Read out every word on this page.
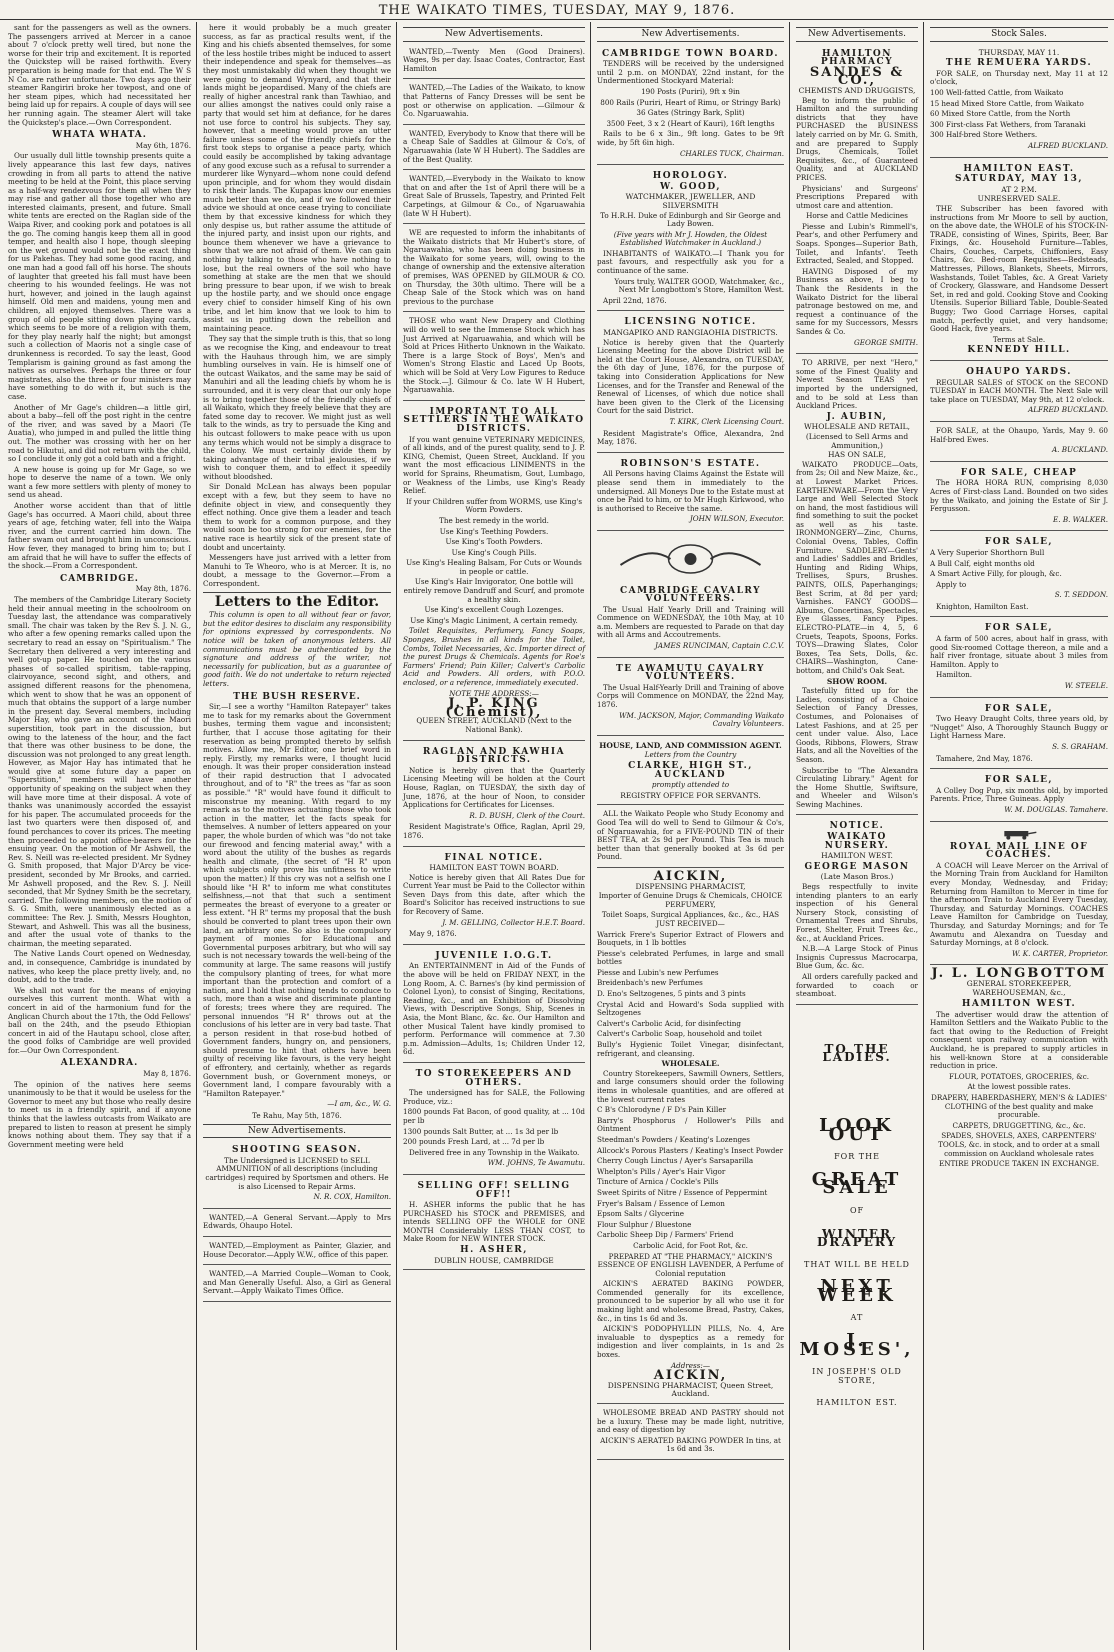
THE WAIKATO TIMES, TUESDAY, MAY 9, 1876.

sant for the passengers as well as the owners. The passengers arrived at Mercer in a canoe about 7 o'clock pretty well tired, but none the worse for their trip and excitement. It is reported the Quickstep will be raised forthwith. Every preparation is being made for that end. The W S N Co. are rather unfortunate. Two days ago their steamer Rangiriri broke her towpost, and one of her steam pipes, which had necessitated her being laid up for repairs. A couple of days will see her running again. The steamer Alert will take the Quickstep's place.—Own Correspondent.

WHATA WHATA.

May 6th, 1876.

Our usually dull little township presents quite a lively appearance this last few days, natives crowding in from all parts to attend the native meeting to be held at the Point, this place serving as a half-way rendezvous for them all when they may rise and gather all those together who are interested claimants, present, and future. Small white tents are erected on the Raglan side of the Waipa River, and cooking pork and potatoes is all the go. The coming hangis keep them all in good temper, and health also I hope, though sleeping on the wet ground would not be the exact thing for us Pakehas. They had some good racing, and one man had a good fall off his horse. The shouts of laughter that greeted his fall must have been cheering to his wounded feelings. He was not hurt, however, and joined in the laugh against himself. Old men and maidens, young men and children, all enjoyed themselves. There was a group of old people sitting down playing cards, which seems to be more of a religion with them, for they play nearly half the night; but amongst such a collection of Maoris not a single case of drunkenness is recorded. To say the least, Good Templarism is gaining ground as fast among the natives as ourselves. Perhaps the three or four magistrates, also the three or four ministers may have something to do with it, but such is the case.

Another of Mr Gage's children—a little girl, about a baby—fell off the post right in the centre of the river, and was saved by a Maori (Te Auatia), who jumped in and pulled the little thing out. The mother was crossing with her on her road to Hikutui, and did not return with the child, so I conclude it only got a cold bath and a fright.

A new house is going up for Mr Gage, so we hope to deserve the name of a town. We only want a few more settlers with plenty of money to send us ahead.

Another worse accident than that of little Gage's has occurred. A Maori child, about three years of age, fetching water, fell into the Waipa river, and the current carried him down. The father swam out and brought him in unconscious. How fever, they managed to bring him to; but I am afraid that he will have to suffer the effects of the shock.—From a Correspondent.

CAMBRIDGE.

May 8th, 1876.

The members of the Cambridge Literary Society held their annual meeting in the schoolroom on Tuesday last, the attendance was comparatively small. The chair was taken by the Rev S. J. N. G., who after a few opening remarks called upon the secretary to read an essay on "Spiritualism." The Secretary then delivered a very interesting and well got-up paper. He touched on the various phases of so-called spiritism, table-rapping, clairvoyance, second sight, and others, and assigned different reasons for the phenomena, which went to show that he was an opponent of much that obtains the support of a large number in the present day. Several members, including Major Hay, who gave an account of the Maori superstition, took part in the discussion, but owing to the lateness of the hour, and the fact that there was other business to be done, the discussion was not prolonged to any great length. However, as Major Hay has intimated that he would give at some future day a paper on "Superstition," members will have another opportunity of speaking on the subject when they will have more time at their disposal. A vote of thanks was unanimously accorded the essayist for his paper. The accumulated proceeds for the last two quarters were then disposed of, and found perchances to cover its prices. The meeting then proceeded to appoint office-bearers for the ensuing year. On the motion of Mr Ashwell, the Rev. S. Neill was re-elected president. Mr Sydney G. Smith proposed, that Major D'Arcy be vice-president, seconded by Mr Brooks, and carried. Mr Ashwell proposed, and the Rev. S. J. Neill seconded, that Mr Sydney Smith be the secretary, carried. The following members, on the motion of S. G. Smith, were unanimously elected as a committee: The Rev. J. Smith, Messrs Houghton, Stewart, and Ashwell. This was all the business, and after the usual vote of thanks to the chairman, the meeting separated.

The Native Lands Court opened on Wednesday, and, in consequence, Cambridge is inundated by natives, who keep the place pretty lively, and, no doubt, add to the trade.

We shall not want for the means of enjoying ourselves this current month. What with a concert in aid of the harmonium fund for the Anglican Church about the 17th, the Odd Fellows' ball on the 24th, and the pseudo Ethiopian concert in aid of the Hautapu school, close after, the good folks of Cambridge are well provided for.—Our Own Correspondent.

ALEXANDRA.

May 8, 1876.

The opinion of the natives here seems unanimously to be that it would be useless for the Governor to meet any but those who really desire to meet us in a friendly spirit, and if anyone thinks that the lawless outcasts from Waikato are prepared to listen to reason at present he simply knows nothing about them. They say that if a Government meeting were held

here it would probably be a much greater success, as far as practical results went, if the King and his chiefs absented themselves, for some of the less hostile tribes might be induced to assert their independence and speak for themselves—as they most unmistakably did when they thought we were going to demand Wynyard, and that their lands might be jeopardised. Many of the chiefs are really of higher ancestral rank than Tawhiao, and our allies amongst the natives could only raise a party that would set him at defiance, for he dares not use force to control his subjects. They say, however, that a meeting would prove an utter failure unless some of the friendly chiefs for the first took steps to organise a peace party, which could easily be accomplished by taking advantage of any good excuse such as a refusal to surrender a murderer like Wynyard—whom none could defend upon principle, and for whom they would disdain to risk their lands. The Kupapas know our enemies much better than we do, and if we followed their advice we should at once cease trying to conciliate them by that excessive kindness for which they only despise us, but rather assume the attitude of the injured party, and insist upon our rights, and bounce them whenever we have a grievance to show that we are not afraid of them. We can gain nothing by talking to those who have nothing to lose, but the real owners of the soil who have something at stake are the men that we should bring pressure to bear upon, if we wish to break up the hostile party, and we should once engage every chief to consider himself King of his own tribe, and let him know that we look to him to assist us in putting down the rebellion and maintaining peace.

They say that the simple truth is this, that so long as we recognise the King, and endeavour to treat with the Hauhaus through him, we are simply humbling ourselves in vain. He is himself one of the outcast Waikatos, and the same may be said of Manuhiri and all the leading chiefs by whom he is surrounded, and it is very clear that our only hope is to bring together those of the friendly chiefs of all Waikato, which they freely believe that they are fated some day to recover. We might just as well talk to the winds, as try to persuade the King and his outcast followers to make peace with us upon any terms which would not be simply a disgrace to the Colony. We must certainly divide them by taking advantage of their tribal jealousies, if we wish to conquer them, and to effect it speedily without bloodshed.

Sir Donald McLean has always been popular except with a few, but they seem to have no definite object in view, and consequently they effect nothing. Once give them a leader and teach them to work for a common purpose, and they would soon be too strong for our enemies, for the native race is heartily sick of the present state of doubt and uncertainty.

Messengers have just arrived with a letter from Manuhi to Te Wheoro, who is at Mercer. It is, no doubt, a message to the Governor.—From a Correspondent.

Letters to the Editor.

This column is open to all without fear or favor, but the editor desires to disclaim any responsibility for opinions expressed by correspondents. No notice will be taken of anonymous letters. All communications must be authenticated by the signature and address of the writer, not necessarily for publication, but as a guarantee of good faith. We do not undertake to return rejected letters.

THE BUSH RESERVE.

Sir,—I see a worthy "Hamilton Ratepayer" takes me to task for my remarks about the Government bushes, terming them vague and inconsistent; further, that I accuse those agitating for their reservation as being prompted thereto by selfish motives. Allow me, Mr Editor, one brief word in reply. Firstly, my remarks were, I thought lucid enough. It was their proper consideration instead of their rapid destruction that I advocated throughout, and of to "R" the trees as "far as soon as possible." "R" would have found it difficult to misconstrue my meaning. With regard to my remark as to the motives actuating those who took action in the matter, let the facts speak for themselves. A number of letters appeared on your paper, the whole burden of which was "do not take our firewood and fencing material away," with a word about the utility of the bushes as regards health and climate, (the secret of "H R" upon which subjects only prove his unfitness to write upon the matter.) If this cry was not a selfish one I should like "H R" to inform me what constitutes selfishness,—not that that such a sentiment permeates the breast of everyone to a greater or less extent. "H R" terms my proposal that the bush should be converted to plant trees upon their own land, an arbitrary one. So also is the compulsory payment of monies for Educational and Governmental purposes arbitrary, but who will say such is not necessary towards the well-being of the community at large. The same reasons will justify the compulsory planting of trees, for what more important than the protection and comfort of a nation, and I hold that nothing tends to conduce to such, more than a wise and discriminate planting of forests; trees where they are required. The personal innuendos "H R" throws out at the conclusions of his letter are in very bad taste. That a person resident in that rose-bud hotbed of Government fanders, hungry on, and pensioners, should presume to hint that others have been guilty of receiving like favours, is the very height of effrontery, and certainly, whether as regards Government bush, or Government moneys, or Government land, I compare favourably with a "Hamilton Ratepayer."

—I am, &c., W. G.

Te Rahu, May 5th, 1876.

New Advertisements.
SHOOTING SEASON.

The Undersigned is LICENSED to SELL AMMUNITION of all descriptions (including cartridges) required by Sportsmen and others. He is also Licensed to Repair Arms.

N. R. COX, Hamilton.

WANTED,—A General Servant.—Apply to Mrs Edwards, Ohaupo Hotel.

WANTED,—Employment as Painter, Glazier, and House Decorator.—Apply W.W., office of this paper.

WANTED,—A Married Couple—Woman to Cook, and Man Generally Useful. Also, a Girl as General Servant.—Apply Waikato Times Office.

New Advertisements.

WANTED,—Twenty Men (Good Drainers). Wages, 9s per day. Isaac Coates, Contractor, East Hamilton

WANTED,—The Ladies of the Waikato, to know that Patterns of Fancy Dresses will be sent be post or otherwise on application. —Gilmour & Co. Ngaruawahia.

WANTED, Everybody to Know that there will be a Cheap Sale of Saddles at Gilmour & Co's, of Ngaruawahia (late W H Hubert). The Saddles are of the Best Quality.

WANTED,—Everybody in the Waikato to know that on and after the 1st of April there will be a Great Sale of Brussels, Tapestry, and Printed Felt Carpetings, at Gilmour & Co., of Ngaruawahia (late W H Hubert).

WE are requested to inform the inhabitants of the Waikato districts that Mr Hubert's store, of Ngaruawahia, who has been doing business in the Waikato for some years, will, owing to the change of ownership and the extensive alteration of premises, WAS OPENED by GILMOUR & CO. on Thursday, the 30th ultimo. There will be a Cheap Sale of the Stock which was on hand previous to the purchase

THOSE who want New Drapery and Clothing will do well to see the Immense Stock which has Just Arrived at Ngaruawahia, and which will be Sold at Prices Hitherto Unknown in the Waikato. There is a large Stock of Boys', Men's and Women's Strong Elastic and Laced Up Boots, which will be Sold at Very Low Figures to Reduce the Stock.—J. Gilmour & Co. late W H Hubert, Ngaruawahia.

IMPORTANT TO ALL SETTLERS IN THE WAIKATO DISTRICTS.

If you want genuine VETERINARY MEDICINES, of all kinds, and of the purest quality, send to J. P. KING, Chemist, Queen Street, Auckland. If you want the most efficacious LINIMENTS in the world for Sprains, Rheumatism, Gout, Lumbago, or Weakness of the Limbs, use King's Ready Relief.

If your Children suffer from WORMS, use King's Worm Powders.

The best remedy in the world.

Use King's Teething Powders.

Use King's Tooth Powders.

Use King's Cough Pills.

Use King's Healing Balsam, For Cuts or Wounds in people or cattle.

Use King's Hair Invigorator, One bottle will entirely remove Dandruff and Scurf, and promote a healthy skin.

Use King's excellent Cough Lozenges.

Use King's Magic Liniment, A certain remedy.

Toilet Requisites, Perfumery, Fancy Soaps, Sponges, Brushes in all kinds for the Toilet, Combs, Toilet Necessaries, &c. Importer direct of the purest Drugs & Chemicals. Agents for Roe's Farmers' Friend; Pain Killer; Calvert's Carbolic Acid and Powders. All orders, with P.O.O. enclosed, or a reference, immediately executed.

NOTE THE ADDRESS:—

J. P. KING (Chemist),

QUEEN STREET, AUCKLAND (Next to the National Bank).

RAGLAN AND KAWHIA DISTRICTS.

Notice is hereby given that the Quarterly Licensing Meeting will be holden at the Court House, Raglan, on TUESDAY, the sixth day of June, 1876, at the hour of Noon, to consider Applications for Certificates for Licenses.

R. D. BUSH, Clerk of the Court.

Resident Magistrate's Office, Raglan, April 29, 1876.

FINAL NOTICE.
HAMILTON EAST TOWN BOARD.

Notice is hereby given that All Rates Due for Current Year must be Paid to the Collector within Seven Days from this date, after which the Board's Solicitor has received instructions to sue for Recovery of Same.

J. M. GELLING, Collector H.E.T. Board.

May 9, 1876.

JUVENILE I.O.G.T.

An ENTERTAINMENT in Aid of the Funds of the above will be held on FRIDAY NEXT, in the Long Room, A. C. Barnes's (by kind permission of Colonel Lyon), to consist of Singing, Recitations, Reading, &c., and an Exhibition of Dissolving Views, with Descriptive Songs, Ship, Scenes in Asia, the Mont Blanc, &c. &c. Our Hamilton and other Musical Talent have kindly promised to perform. Performance will commence at 7.30 p.m. Admission—Adults, 1s; Children Under 12, 6d.

TO STOREKEEPERS AND OTHERS.

The undersigned has for SALE, the Following Produce, viz.:

1800 pounds Fat Bacon, of good quality, at ... 10d per lb

1300 pounds Salt Butter, at ... 1s 3d per lb

200 pounds Fresh Lard, at ... 7d per lb

Delivered free in any Township in the Waikato.

WM. JOHNS, Te Awamutu.

SELLING OFF! SELLING OFF!!

H. ASHER informs the public that he has PURCHASED his STOCK and PREMISES, and intends SELLING OFF the WHOLE for ONE MONTH Considerably LESS THAN COST, to Make Room for NEW WINTER STOCK.

H. ASHER,
DUBLIN HOUSE, CAMBRIDGE
New Advertisements.
CAMBRIDGE TOWN BOARD.

TENDERS will be received by the undersigned until 2 p.m. on MONDAY, 22nd instant, for the Undermentioned Stockyard Material:

190 Posts (Puriri), 9ft x 9in

800 Rails (Puriri, Heart of Rimu, or Stringy Bark)

36 Gates (Stringy Bark, Split)

3500 Feet, 3 x 2 (Heart of Kauri), 16ft lengths

Rails to be 6 x 3in., 9ft long. Gates to be 9ft wide, by 5ft 6in high.

CHARLES TUCK, Chairman.

HOROLOGY.
W. GOOD,
WATCHMAKER, JEWELLER, AND SILVERSMITH

To H.R.H. Duke of Edinburgh and Sir George and Lady Bowen.

(Five years with Mr J. Howden, the Oldest Established Watchmaker in Auckland.)

INHABITANTS of WAIKATO.—I Thank you for past favours, and respectfully ask you for a continuance of the same.

Yours truly, WALTER GOOD, Watchmaker, &c., Next Mr Longbottom's Store, Hamilton West.

April 22nd, 1876.

LICENSING NOTICE.
MANGAPIKO AND RANGIAOHIA DISTRICTS.

Notice is hereby given that the Quarterly Licensing Meeting for the above District will be held at the Court House, Alexandra, on TUESDAY, the 6th day of June, 1876, for the purpose of taking into Consideration Applications for New Licenses, and for the Transfer and Renewal of the Renewal of Licenses, of which due notice shall have been given to the Clerk of the Licensing Court for the said District.

T. KIRK, Clerk Licensing Court.

Resident Magistrate's Office, Alexandra, 2nd May, 1876.

ROBINSON'S ESTATE.

All Persons having Claims Against the Estate will please send them in immediately to the undersigned. All Moneys Due to the Estate must at once be Paid to him, or to Mr Hugh Kirkwood, who is authorised to Receive the same.

JOHN WILSON, Executor.

CAMBRIDGE CAVALRY VOLUNTEERS.

The Usual Half Yearly Drill and Training will Commence on WEDNESDAY, the 10th May, at 10 a.m. Members are requested to Parade on that day with all Arms and Accoutrements.

JAMES RUNCIMAN, Captain C.C.V.

TE AWAMUTU CAVALRY VOLUNTEERS.

The Usual Half-Yearly Drill and Training of above Corps will Commence on MONDAY, the 22nd May, 1876.

WM. JACKSON, Major, Commanding Waikato Cavalry Volunteers.

HOUSE, LAND, AND COMMISSION AGENT.

Letters from the Country

CLARKE, HIGH ST., AUCKLAND

promptly attended to

REGISTRY OFFICE FOR SERVANTS.

ALL the Waikato People who Study Economy and Good Tea will do well to Send to Gilmour & Co's, of Ngaruawahia, for a FIVE-POUND TIN of their BEST TEA, at 2s 9d per Pound. This Tea is much better than that generally booked at 3s 6d per Pound.

AICKIN,
DISPENSING PHARMACIST,

Importer of Genuine Drugs & Chemicals, CHOICE PERFUMERY,

Toilet Soaps, Surgical Appliances, &c., &c., HAS JUST RECEIVED—

Warrick Frere's Superior Extract of Flowers and Bouquets, in 1 lb bottles

Piesse's celebrated Perfumes, in large and small bottles

Piesse and Lubin's new Perfumes

Breidenbach's new Perfumes

D. Eno's Seltzogenes, 5 pints and 3 pints

Crystal Acid and Howard's Soda supplied with Seltzogenes

Calvert's Carbolic Acid, for disinfecting

Calvert's Carbolic Soap, household and toilet

Bully's Hygienic Toilet Vinegar, disinfectant, refrigerant, and cleansing.

WHOLESALE.

Country Storekeepers, Sawmill Owners, Settlers, and large consumers should order the following items in wholesale quantities, and are offered at the lowest current rates

C B's Chlorodyne / F D's Pain Killer

Barry's Phosphorus / Hollower's Pills and Ointment

Steedman's Powders / Keating's Lozenges

Allcock's Porous Plasters / Keating's Insect Powder

Cherry Cough Linctus / Ayer's Sarsaparilla

Whelpton's Pills / Ayer's Hair Vigor

Tincture of Arnica / Cockle's Pills

Sweet Spirits of Nitre / Essence of Peppermint

Fryer's Balsam / Essence of Lemon

Epsom Salts / Glycerine

Flour Sulphur / Bluestone

Carbolic Sheep Dip / Farmers' Friend

Carbolic Acid, for Foot Rot, &c.

PREPARED AT "THE PHARMACY," AICKIN'S ESSENCE OF ENGLISH LAVENDER, A Perfume of Colonial reputation

AICKIN'S AERATED BAKING POWDER, Commended generally for its excellence, pronounced to be superior by all who use it for making light and wholesome Bread, Pastry, Cakes, &c., in tins 1s 6d and 3s.

AICKIN'S PODOPHYLLIN PILLS, No. 4, Are invaluable to dyspeptics as a remedy for indigestion and liver complaints, in 1s and 2s boxes.

Address:—

AICKIN,
DISPENSING PHARMACIST, Queen Street, Auckland.

WHOLESOME BREAD AND PASTRY should not be a luxury. These may be made light, nutritive, and easy of digestion by

AICKIN'S AERATED BAKING POWDER In tins, at 1s 6d and 3s.

New Advertisements.
HAMILTON PHARMACY
SANDES & CO.,
CHEMISTS AND DRUGGISTS,

Beg to inform the public of Hamilton and the surrounding districts that they have PURCHASED the BUSINESS lately carried on by Mr. G. Smith, and are prepared to Supply Drugs, Chemicals, Toilet Requisites, &c., of Guaranteed Quality, and at AUCKLAND PRICES.

Physicians' and Surgeons' Prescriptions Prepared with utmost care and attention.

Horse and Cattle Medicines

Piesse and Lubin's Rimmell's, Pear's, and other Perfumery and Soaps. Sponges—Superior Bath, Toilet, and Infants'. Teeth Extracted, Sealed, and Stopped.

HAVING Disposed of my Business as above, I beg to Thank the Residents in the Waikato District for the liberal patronage bestowed on me, and request a continuance of the same for my Successors, Messrs Sandes & Co.

GEORGE SMITH.

TO ARRIVE, per next "Hero," some of the Finest Quality and Newest Season TEAS yet imported by the undersigned, and to be sold at Less than Auckland Prices.

J. AUBIN,
WHOLESALE AND RETAIL,
(Licensed to Sell Arms and Ammunition,)
HAS ON SALE,

WAIKATO PRODUCE—Oats, from 2s; Oil and New Maize, &c., at Lowest Market Prices. EARTHENWARE—From the Very Large and Well Selected Stock on hand, the most fastidious will find something to suit the pocket as well as his taste. IRONMONGERY—Zinc, Churns, Colonial Ovens, Tables, Coffin Furniture. SADDLERY—Gents' and Ladies' Saddles and Bridles, Hunting and Riding Whips, Trellises, Spurs, Brushes. PAINTS, OILS, Paperhangings; Best Scrim, at 8d per yard; Varnishes. FANCY GOODS—Albums, Concertinas, Spectacles, Eye Glasses, Fancy Pipes. ELECTRO-PLATE—in 4, 5, 6 Cruets, Teapots, Spoons, Forks. TOYS—Drawing Slates, Color Boxes, Tea Sets, Dolls, &c. CHAIRS—Washington, Cane-bottom, and Child's Oak Seat.

SHOW ROOM.

Tastefully fitted up for the Ladies, consisting of a Choice Selection of Fancy Dresses, Costumes, and Polonaises of Latest Fashions, and at 25 per cent under value. Also, Lace Goods, Ribbons, Flowers, Straw Hats, and all the Novelties of the Season.

Subscribe to "The Alexandra Circulating Library." Agent for the Home Shuttle, Swiftsure, and Wheeler and Wilson's Sewing Machines.

NOTICE.
WAIKATO NURSERY.
HAMILTON WEST.
GEORGE MASON
(Late Mason Bros.)

Begs respectfully to invite intending planters to an early inspection of his General Nursery Stock, consisting of Ornamental Trees and Shrubs, Forest, Shelter, Fruit Trees &c., &c., at Auckland Prices.

N.B.—A Large Stock of Pinus Insignis Cupressus Macrocarpa, Blue Gum, &c. &c.

All orders carefully packed and forwarded to coach or steamboat.

TO THE LADIES.
LOOK OUT
FOR THE
GREAT SALE
OF
WINTER DRAPERY
THAT WILL BE HELD
NEXT WEEK
AT
J. MOSES',
IN JOSEPH'S OLD STORE,
HAMILTON EST.
Stock Sales.
THURSDAY, MAY 11.
THE REMUERA YARDS.

FOR SALE, on Thursday next, May 11 at 12 o'clock,

100 Well-fatted Cattle, from Waikato

15 head Mixed Store Cattle, from Waikato

60 Mixed Store Cattle, from the North

300 First-class Fat Wethers, from Taranaki

300 Half-bred Store Wethers.

ALFRED BUCKLAND.

HAMILTON EAST.
SATURDAY, MAY 13,
AT 2 P.M.
UNRESERVED SALE.

THE Subscriber has been favored with instructions from Mr Moore to sell by auction, on the above date, the WHOLE of his STOCK-IN-TRADE, consisting of Wines, Spirits, Beer, Bar Fixings, &c. Household Furniture—Tables, Chairs, Couches, Carpets, Chiffoniers, Easy Chairs, &c. Bed-room Requisites—Bedsteads, Mattresses, Pillows, Blankets, Sheets, Mirrors, Washstands, Toilet Tables, &c. A Great Variety of Crockery, Glassware, and Handsome Dessert Set, in red and gold. Cooking Stove and Cooking Utensils. Superior Billiard Table, Double-Seated Buggy; Two Good Carriage Horses, capital match, perfectly quiet, and very handsome; Good Hack, five years.

Terms at Sale.

KENNEDY HILL.
OHAUPO YARDS.

REGULAR SALES of STOCK on the SECOND TUESDAY in EACH MONTH. The Next Sale will take place on TUESDAY, May 9th, at 12 o'clock.

ALFRED BUCKLAND.

FOR SALE, at the Ohaupo, Yards, May 9. 60 Half-bred Ewes.

A. BUCKLAND.

FOR SALE, CHEAP

The HORA HORA RUN, comprising 8,030 Acres of First-class Land. Bounded on two sides by the Waikato, and joining the Estate of Sir J. Fergusson.

E. B. WALKER.

FOR SALE,

A Very Superior Shorthorn Bull

A Bull Calf, eight months old

A Smart Active Filly, for plough, &c.

Apply to

S. T. SEDDON.

Knighton, Hamilton East.

FOR SALE,

A farm of 500 acres, about half in grass, with good Six-roomed Cottage thereon, a mile and a half river frontage, situate about 3 miles from Hamilton. Apply to

Hamilton.

W. STEELE.

FOR SALE,

Two Heavy Draught Colts, three years old, by "Nugget" Also, A Thoroughly Staunch Buggy or Light Harness Mare.

S. S. GRAHAM.

Tamahere, 2nd May, 1876.

FOR SALE,

A Colley Dog Pup, six months old, by imported Parents. Price, Three Guineas. Apply

W. M. DOUGLAS. Tamahere.

ROYAL MAIL LINE OF COACHES.

A COACH will Leave Mercer on the Arrival of the Morning Train from Auckland for Hamilton every Monday, Wednesday, and Friday; Returning from Hamilton to Mercer in time for the afternoon Train to Auckland Every Tuesday, Thursday, and Saturday Mornings. COACHES Leave Hamilton for Cambridge on Tuesday, Thursday, and Saturday Mornings; and for Te Awamutu and Alexandra on Tuesday and Saturday Mornings, at 8 o'clock.

W. K. CARTER, Proprietor.

J. L. LONGBOTTOM
GENERAL STOREKEEPER,
WAREHOUSEMAN, &c.,
HAMILTON WEST.

The advertiser would draw the attention of Hamilton Settlers and the Waikato Public to the fact that owing to the Reduction of Freight consequent upon railway communication with Auckland, he is prepared to supply articles in his well-known Store at a considerable reduction in price.

FLOUR, POTATOES, GROCERIES, &c.

At the lowest possible rates.

DRAPERY, HABERDASHERY, MEN'S & LADIES' CLOTHING of the best quality and make procurable.

CARPETS, DRUGGETTING, &c., &c.

SPADES, SHOVELS, AXES, CARPENTERS' TOOLS, &c. in stock, and to order at a small commission on Auckland wholesale rates

ENTIRE PRODUCE TAKEN IN EXCHANGE.
